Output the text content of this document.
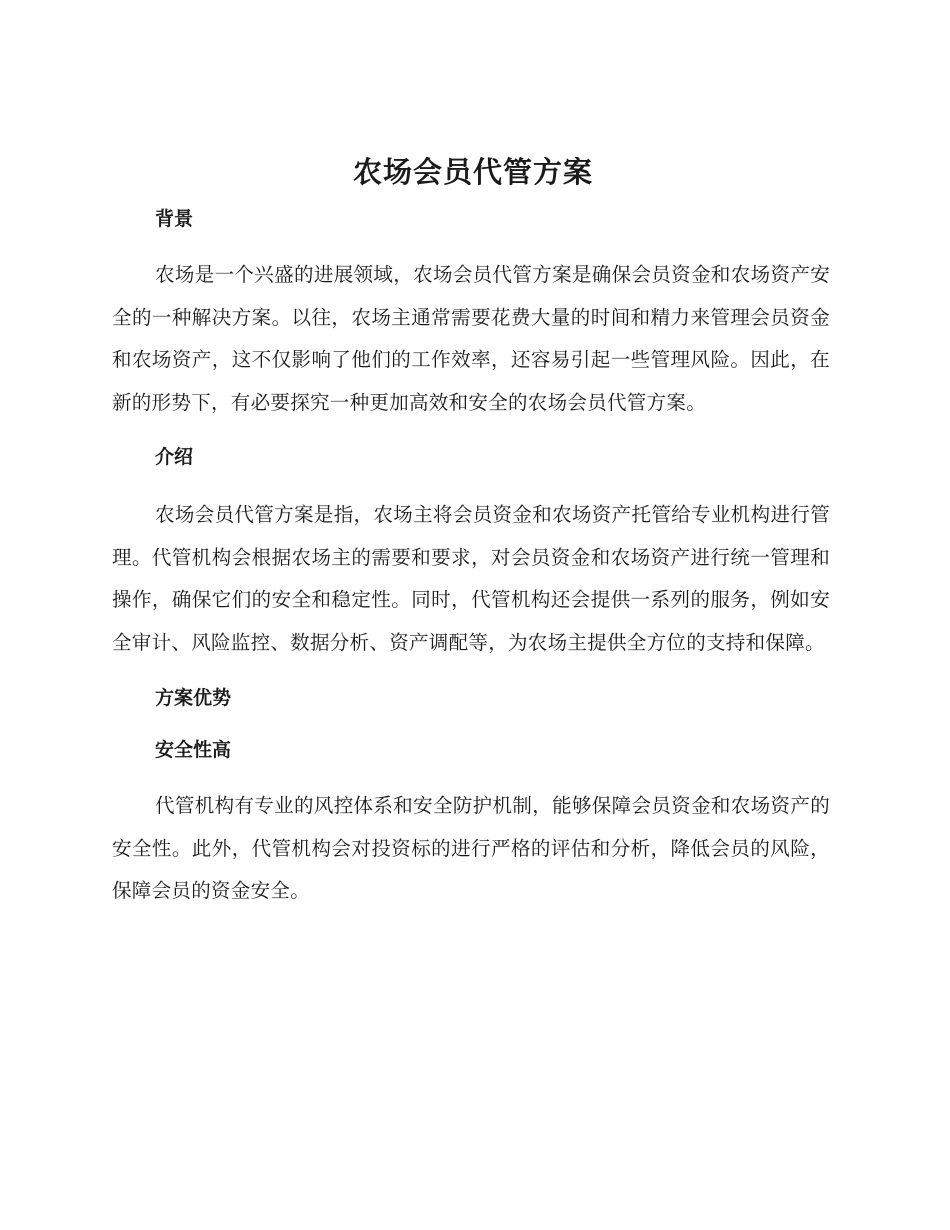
农场会员代管方案
背景

农场是一个兴盛的进展领域，农场会员代管方案是确保会员资金和农场资产安全的一种解决方案。以往，农场主通常需要花费大量的时间和精力来管理会员资金和农场资产，这不仅影响了他们的工作效率，还容易引起一些管理风险。因此，在新的形势下，有必要探究一种更加高效和安全的农场会员代管方案。

介绍

农场会员代管方案是指，农场主将会员资金和农场资产托管给专业机构进行管理。代管机构会根据农场主的需要和要求，对会员资金和农场资产进行统一管理和操作，确保它们的安全和稳定性。同时，代管机构还会提供一系列的服务，例如安全审计、风险监控、数据分析、资产调配等，为农场主提供全方位的支持和保障。

方案优势
安全性高

代管机构有专业的风控体系和安全防护机制，能够保障会员资金和农场资产的安全性。此外，代管机构会对投资标的进行严格的评估和分析，降低会员的风险，保障会员的资金安全。
